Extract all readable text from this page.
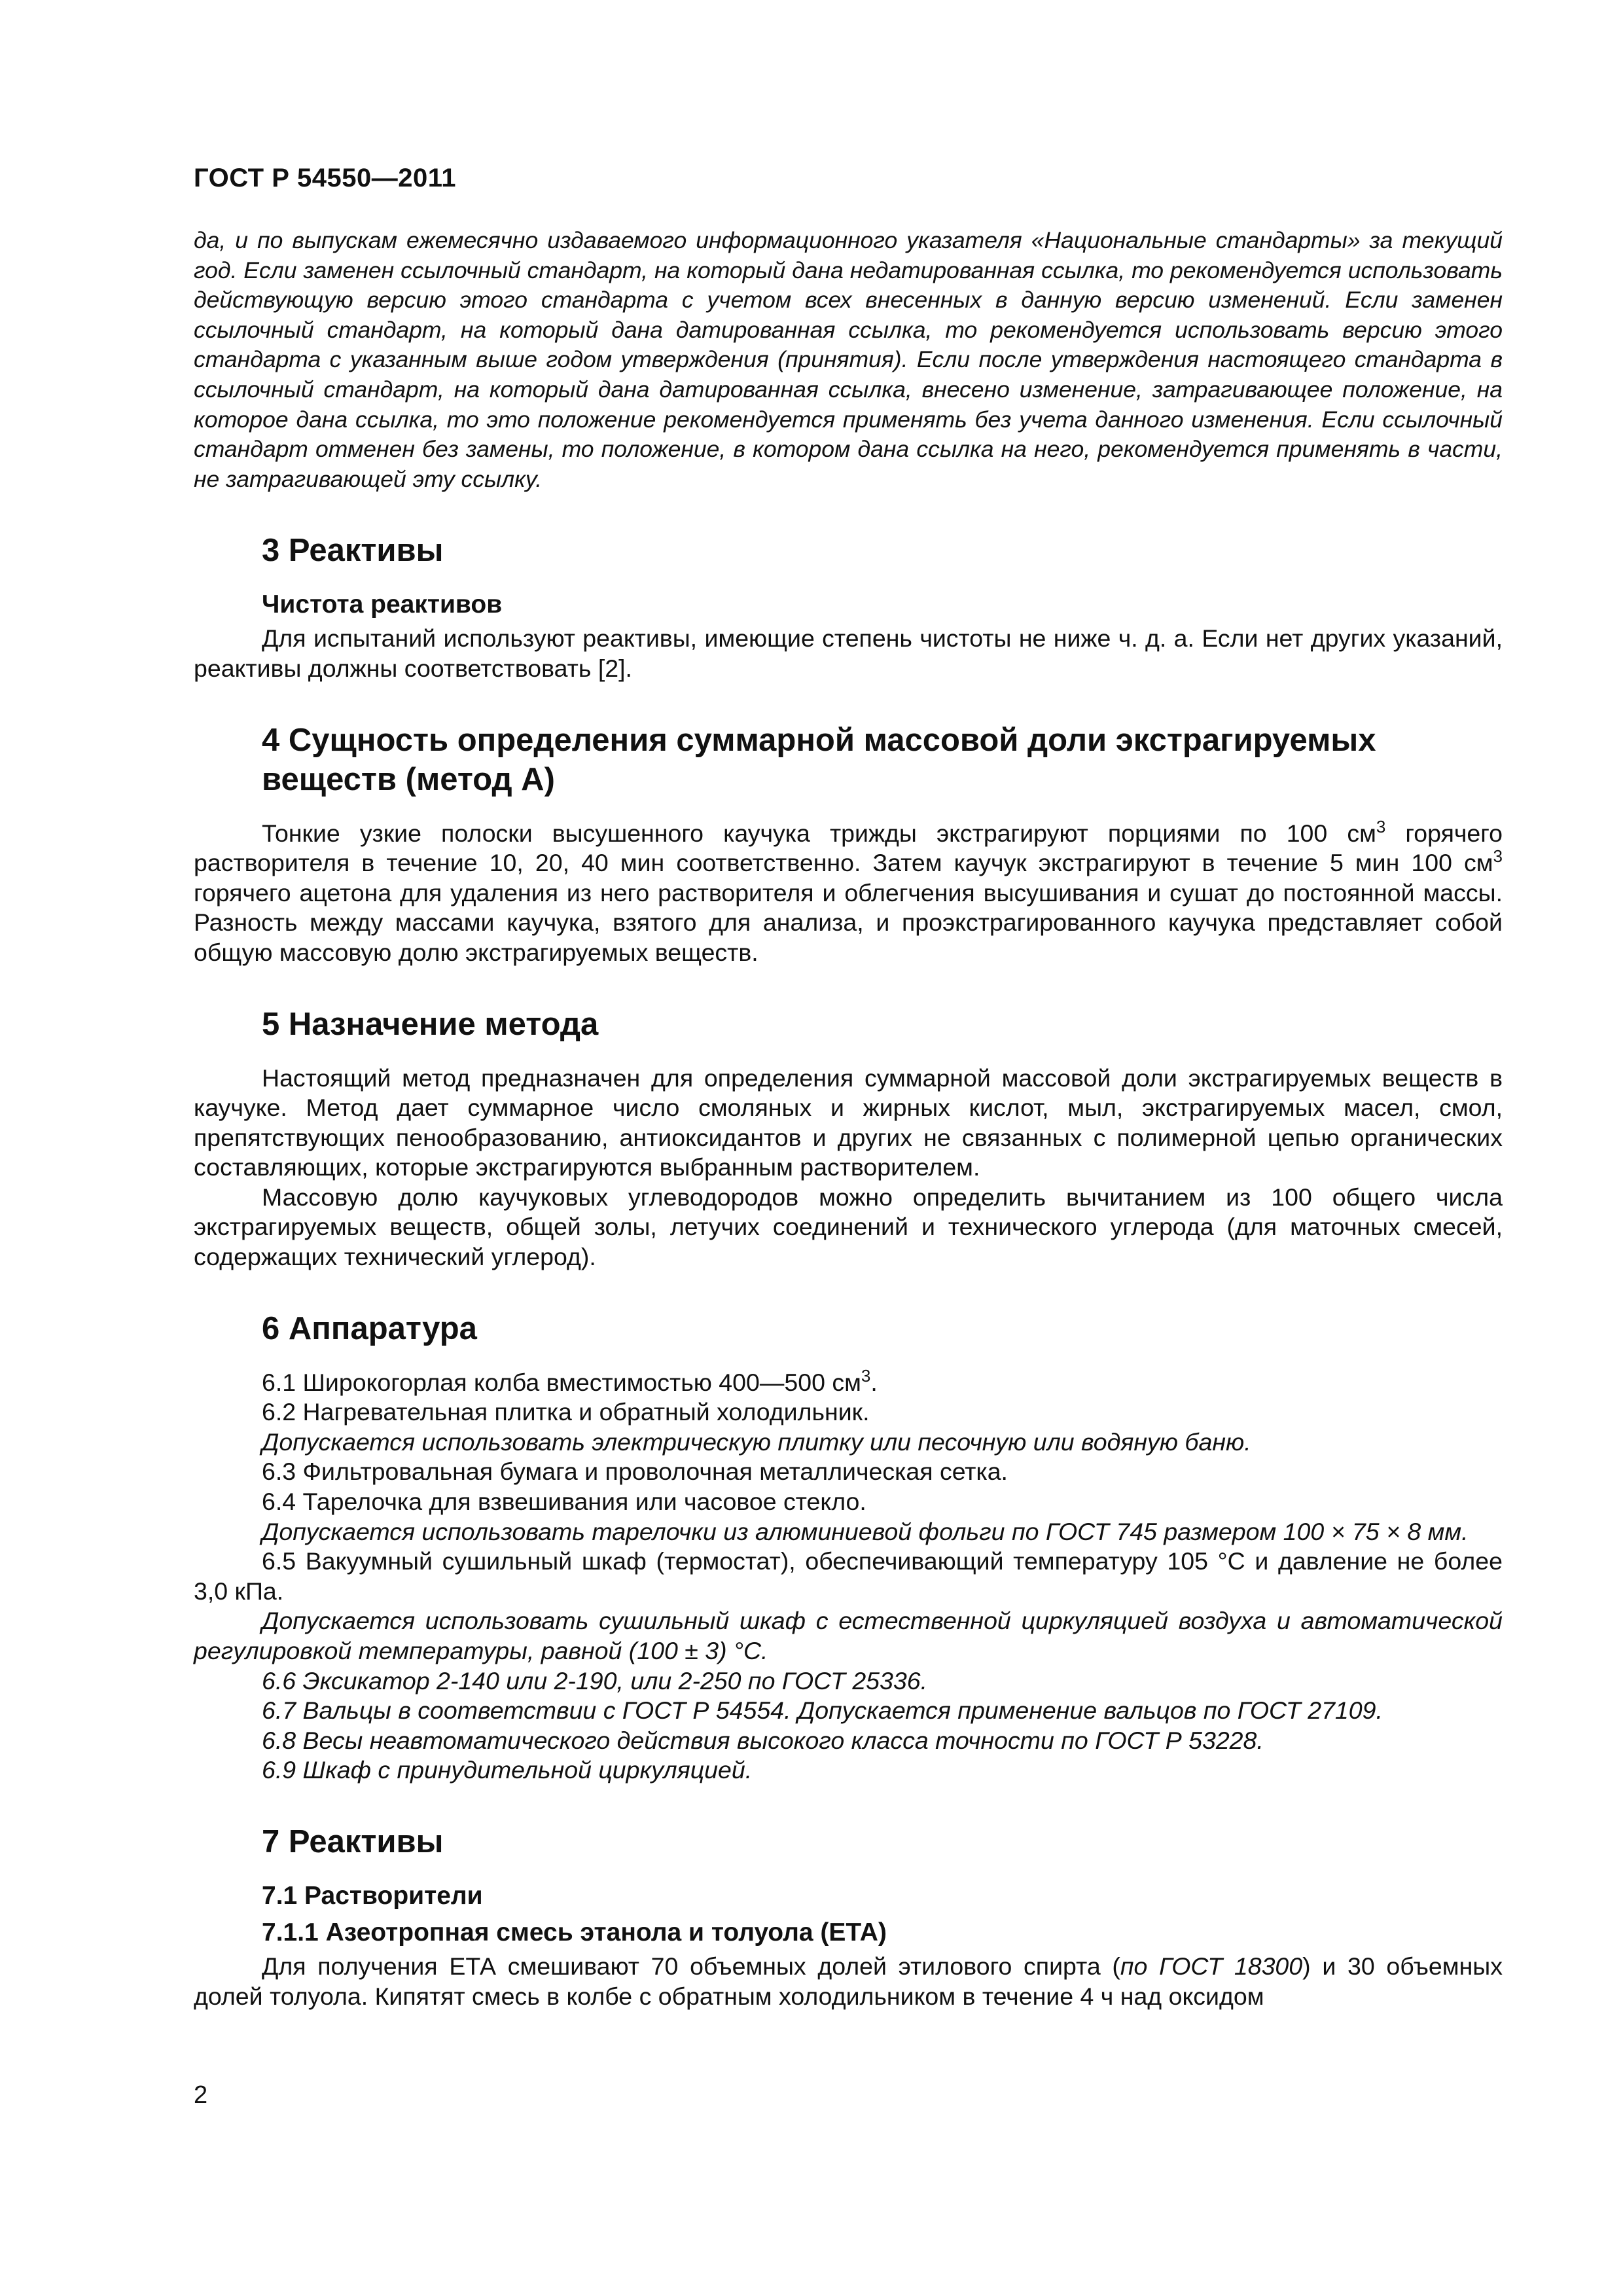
ГОСТ Р 54550—2011

да, и по выпускам ежемесячно издаваемого информационного указателя «Национальные стандарты» за текущий год. Если заменен ссылочный стандарт, на который дана недатированная ссылка, то рекомендуется использовать действующую версию этого стандарта с учетом всех внесенных в данную версию изменений. Если заменен ссылочный стандарт, на который дана датированная ссылка, то рекомендуется использовать версию этого стандарта с указанным выше годом утверждения (принятия). Если после утверждения настоящего стандарта в ссылочный стандарт, на который дана датированная ссылка, внесено изменение, затрагивающее положение, на которое дана ссылка, то это положение рекомендуется применять без учета данного изменения. Если ссылочный стандарт отменен без замены, то положение, в котором дана ссылка на него, рекомендуется применять в части, не затрагивающей эту ссылку.

3 Реактивы
Чистота реактивов

Для испытаний используют реактивы, имеющие степень чистоты не ниже ч. д. а. Если нет других указаний, реактивы должны соответствовать [2].

4 Сущность определения суммарной массовой доли экстрагируемых веществ (метод А)

Тонкие узкие полоски высушенного каучука трижды экстрагируют порциями по 100 $см^3$ горячего растворителя в течение 10, 20, 40 мин соответственно. Затем каучук экстрагируют в течение 5 мин 100 $см^3$ горячего ацетона для удаления из него растворителя и облегчения высушивания и сушат до постоянной массы. Разность между массами каучука, взятого для анализа, и проэкстрагированного каучука представляет собой общую массовую долю экстрагируемых веществ.

5 Назначение метода

Настоящий метод предназначен для определения суммарной массовой доли экстрагируемых веществ в каучуке. Метод дает суммарное число смоляных и жирных кислот, мыл, экстрагируемых масел, смол, препятствующих пенообразованию, антиоксидантов и других не связанных с полимерной цепью органических составляющих, которые экстрагируются выбранным растворителем.

Массовую долю каучуковых углеводородов можно определить вычитанием из 100 общего числа экстрагируемых веществ, общей золы, летучих соединений и технического углерода (для маточных смесей, содержащих технический углерод).

6 Аппаратура

6.1 Широкогорлая колба вместимостью 400—500 $см^3$.

6.2 Нагревательная плитка и обратный холодильник.

Допускается использовать электрическую плитку или песочную или водяную баню.

6.3 Фильтровальная бумага и проволочная металлическая сетка.

6.4 Тарелочка для взвешивания или часовое стекло.

Допускается использовать тарелочки из алюминиевой фольги по ГОСТ 745 размером 100 × 75 × 8 мм.

6.5 Вакуумный сушильный шкаф (термостат), обеспечивающий температуру 105 °С и давление не более 3,0 кПа.

Допускается использовать сушильный шкаф с естественной циркуляцией воздуха и автоматической регулировкой температуры, равной (100 ± 3) °С.

6.6 Эксикатор 2-140 или 2-190, или 2-250 по ГОСТ 25336.

6.7 Вальцы в соответствии с ГОСТ Р 54554. Допускается применение вальцов по ГОСТ 27109.

6.8 Весы неавтоматического действия высокого класса точности по ГОСТ Р 53228.

6.9 Шкаф с принудительной циркуляцией.

7 Реактивы
7.1 Растворители
7.1.1 Азеотропная смесь этанола и толуола (ЕТА)

Для получения ЕТА смешивают 70 объемных долей этилового спирта (по ГОСТ 18300) и 30 объемных долей толуола. Кипятят смесь в колбе с обратным холодильником в течение 4 ч над оксидом

2
